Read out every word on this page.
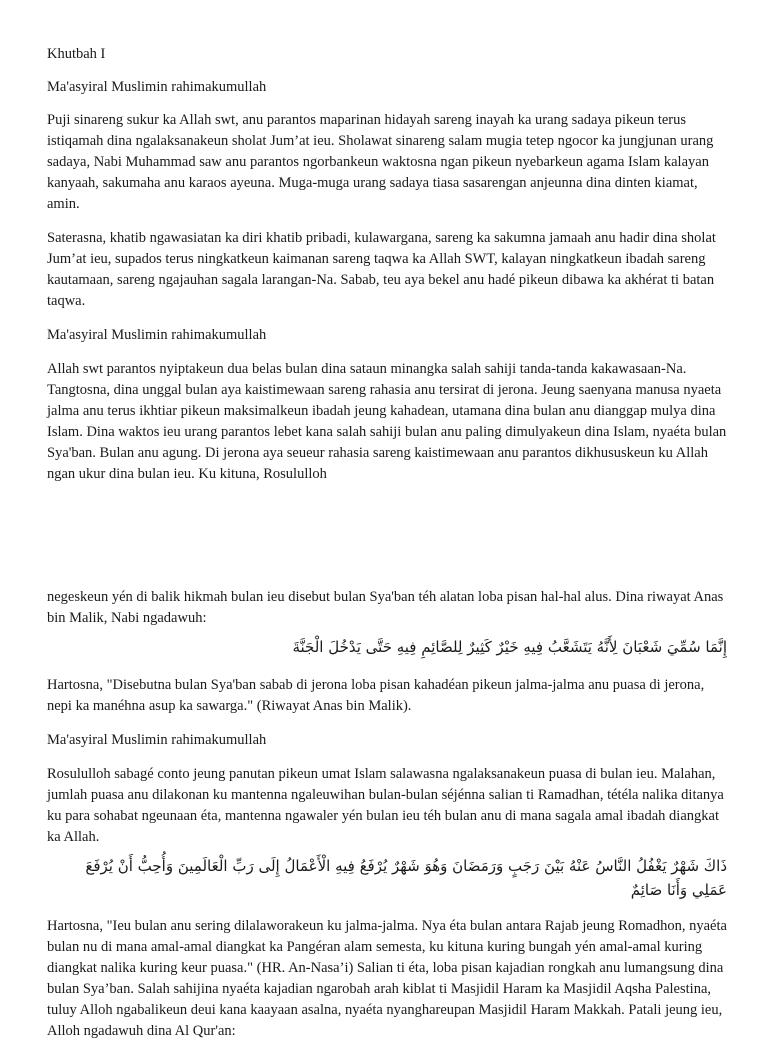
Khutbah I

Ma'asyiral Muslimin rahimakumullah

Puji sinareng sukur ka Allah swt, anu parantos maparinan hidayah sareng inayah ka urang sadaya pikeun terus istiqamah dina ngalaksanakeun sholat Jum’at ieu. Sholawat sinareng salam mugia tetep ngocor ka jungjunan urang sadaya, Nabi Muhammad saw anu parantos ngorbankeun waktosna ngan pikeun nyebarkeun agama Islam kalayan kanyaah, sakumaha anu karaos ayeuna. Muga-muga urang sadaya tiasa sasarengan anjeunna dina dinten kiamat, amin.

Saterasna, khatib ngawasiatan ka diri khatib pribadi, kulawargana, sareng ka sakumna jamaah anu hadir dina sholat Jum’at ieu, supados terus ningkatkeun kaimanan sareng taqwa ka Allah SWT, kalayan ningkatkeun ibadah sareng kautamaan, sareng ngajauhan sagala larangan-Na. Sabab, teu aya bekel anu hadé pikeun dibawa ka akhérat ti batan taqwa.

Ma'asyiral Muslimin rahimakumullah

Allah swt parantos nyiptakeun dua belas bulan dina sataun minangka salah sahiji tanda-tanda kakawasaan-Na. Tangtosna, dina unggal bulan aya kaistimewaan sareng rahasia anu tersirat di jerona. Jeung saenyana manusa nyaeta jalma anu terus ikhtiar pikeun maksimalkeun ibadah jeung kahadean, utamana dina bulan anu dianggap mulya dina Islam. Dina waktos ieu urang parantos lebet kana salah sahiji bulan anu paling dimulyakeun dina Islam, nyaéta bulan Sya'ban. Bulan anu agung. Di jerona aya seueur rahasia sareng kaistimewaan anu parantos dikhususkeun ku Allah ngan ukur dina bulan ieu. Ku kituna, Rosululloh

negeskeun yén di balik hikmah bulan ieu disebut bulan Sya'ban téh alatan loba pisan hal-hal alus. Dina riwayat Anas bin Malik, Nabi ngadawuh:

إِنَّمَا سُمِّيَ شَعْبَانَ لِأَنَّهُ يَتَشَعَّبُ فِيهِ خَيْرٌ كَثِيرٌ لِلصَّائِمِ فِيهِ حَتَّى يَدْخُلَ الْجَنَّةَ

Hartosna, "Disebutna bulan Sya'ban sabab di jerona loba pisan kahadéan pikeun jalma-jalma anu puasa di jerona, nepi ka manéhna asup ka sawarga." (Riwayat Anas bin Malik).

Ma'asyiral Muslimin rahimakumullah

Rosululloh sabagé conto jeung panutan pikeun umat Islam salawasna ngalaksanakeun puasa di bulan ieu. Malahan, jumlah puasa anu dilakonan ku mantenna ngaleuwihan bulan-bulan séjénna salian ti Ramadhan, tétéla nalika ditanya ku para sohabat ngeunaan éta, mantenna ngawaler yén bulan ieu téh bulan anu di mana sagala amal ibadah diangkat ka Allah.

ذَاكَ شَهْرٌ يَغْفُلُ النَّاسُ عَنْهُ بَيْنَ رَجَبٍ وَرَمَضَانَ وَهُوَ شَهْرٌ يُرْفَعُ فِيهِ الْأَعْمَالُ إِلَى رَبِّ الْعَالَمِينَ وَأُحِبُّ أَنْ يُرْفَعَ عَمَلِي وَأَنَا صَائِمٌ

Hartosna, "Ieu bulan anu sering dilalaworakeun ku jalma-jalma. Nya éta bulan antara Rajab jeung Romadhon, nyaéta bulan nu di mana amal-amal diangkat ka Pangéran alam semesta, ku kituna kuring bungah yén amal-amal kuring diangkat nalika kuring keur puasa." (HR. An-Nasa’i) Salian ti éta, loba pisan kajadian rongkah anu lumangsung dina bulan Sya’ban. Salah sahijina nyaéta kajadian ngarobah arah kiblat ti Masjidil Haram ka Masjidil Aqsha Palestina, tuluy Alloh ngabalikeun deui kana kaayaan asalna, nyaéta nyanghareupan Masjidil Haram Makkah. Patali jeung ieu, Alloh ngadawuh dina Al Qur'an:
